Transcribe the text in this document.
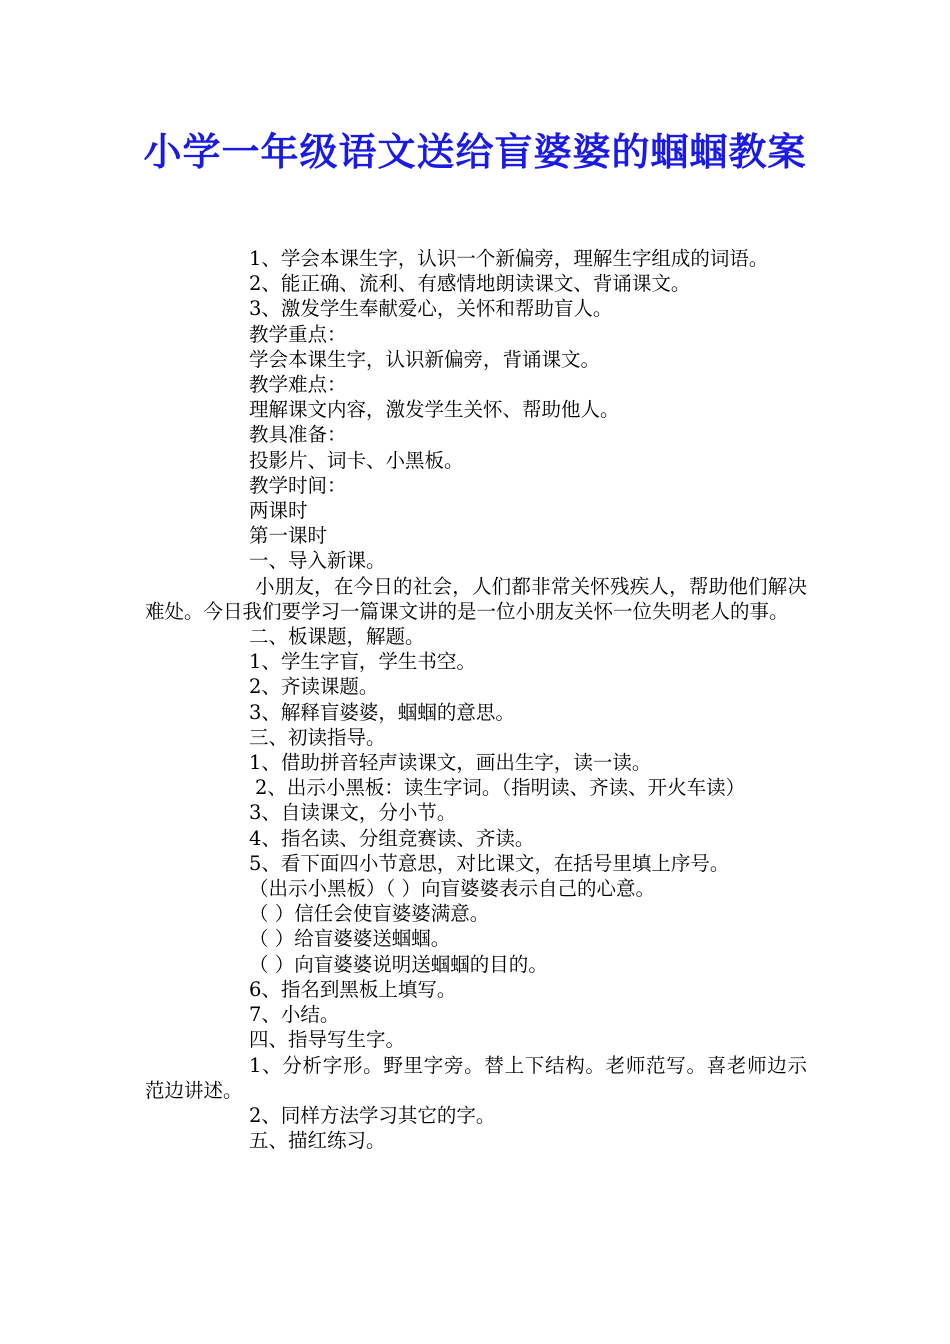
小学一年级语文送给盲婆婆的蝈蝈教案

1、学会本课生字，认识一个新偏旁，理解生字组成的词语。

2、能正确、流利、有感情地朗读课文、背诵课文。

3、激发学生奉献爱心，关怀和帮助盲人。

教学重点：

学会本课生字，认识新偏旁，背诵课文。

教学难点：

理解课文内容，激发学生关怀、帮助他人。

教具准备：

投影片、词卡、小黑板。

教学时间：

两课时

第一课时

一、导入新课。

小朋友，在今日的社会，人们都非常关怀残疾人，帮助他们解决难处。今日我们要学习一篇课文讲的是一位小朋友关怀一位失明老人的事。

二、板课题，解题。

1、学生字盲，学生书空。

2、齐读课题。

3、解释盲婆婆，蝈蝈的意思。

三、初读指导。

1、借助拼音轻声读课文，画出生字，读一读。

2、出示小黑板：读生字词。（指明读、齐读、开火车读）

3、自读课文，分小节。

4、指名读、分组竞赛读、齐读。

5、看下面四小节意思，对比课文，在括号里填上序号。

（出示小黑板）（ ）向盲婆婆表示自己的心意。

（ ）信任会使盲婆婆满意。

（ ）给盲婆婆送蝈蝈。

（ ）向盲婆婆说明送蝈蝈的目的。

6、指名到黑板上填写。

7、小结。

四、指导写生字。

1、分析字形。野里字旁。替上下结构。老师范写。喜老师边示范边讲述。

2、同样方法学习其它的字。

五、描红练习。
